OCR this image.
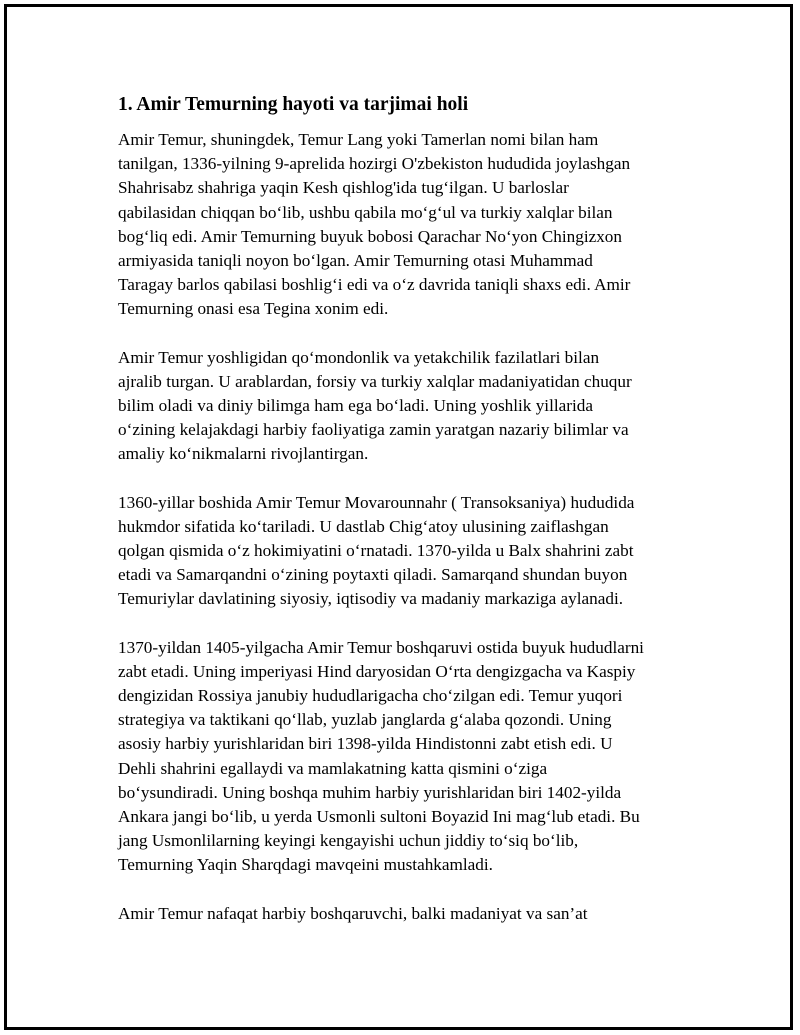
1. Amir Temurning hayoti va tarjimai holi

Amir Temur, shuningdek, Temur Lang yoki Tamerlan nomi bilan ham
tanilgan, 1336-yilning 9-aprelida hozirgi O'zbekiston hududida joylashgan
Shahrisabz shahriga yaqin Kesh qishlog'ida tug‘ilgan. U barloslar
qabilasidan chiqqan bo‘lib, ushbu qabila mo‘g‘ul va turkiy xalqlar bilan
bog‘liq edi. Amir Temurning buyuk bobosi Qarachar No‘yon Chingizxon
armiyasida taniqli noyon bo‘lgan. Amir Temurning otasi Muhammad
Taragay barlos qabilasi boshlig‘i edi va o‘z davrida taniqli shaxs edi. Amir
Temurning onasi esa Tegina xonim edi.

Amir Temur yoshligidan qo‘mondonlik va yetakchilik fazilatlari bilan
ajralib turgan. U arablardan, forsiy va turkiy xalqlar madaniyatidan chuqur
bilim oladi va diniy bilimga ham ega bo‘ladi. Uning yoshlik yillarida
o‘zining kelajakdagi harbiy faoliyatiga zamin yaratgan nazariy bilimlar va
amaliy ko‘nikmalarni rivojlantirgan.

1360-yillar boshida Amir Temur Movarounnahr ( Transoksaniya) hududida
hukmdor sifatida ko‘tariladi. U dastlab Chig‘atoy ulusining zaiflashgan
qolgan qismida o‘z hokimiyatini o‘rnatadi. 1370-yilda u Balx shahrini zabt
etadi va Samarqandni o‘zining poytaxti qiladi. Samarqand shundan buyon
Temuriylar davlatining siyosiy, iqtisodiy va madaniy markaziga aylanadi.

1370-yildan 1405-yilgacha Amir Temur boshqaruvi ostida buyuk hududlarni
zabt etadi. Uning imperiyasi Hind daryosidan O‘rta dengizgacha va Kaspiy
dengizidan Rossiya janubiy hududlarigacha cho‘zilgan edi. Temur yuqori
strategiya va taktikani qo‘llab, yuzlab janglarda g‘alaba qozondi. Uning
asosiy harbiy yurishlaridan biri 1398-yilda Hindistonni zabt etish edi. U
Dehli shahrini egallaydi va mamlakatning katta qismini o‘ziga
bo‘ysundiradi. Uning boshqa muhim harbiy yurishlaridan biri 1402-yilda
Ankara jangi bo‘lib, u yerda Usmonli sultoni Boyazid Ini mag‘lub etadi. Bu
jang Usmonlilarning keyingi kengayishi uchun jiddiy to‘siq bo‘lib,
Temurning Yaqin Sharqdagi mavqeini mustahkamladi.

Amir Temur nafaqat harbiy boshqaruvchi, balki madaniyat va san’at
